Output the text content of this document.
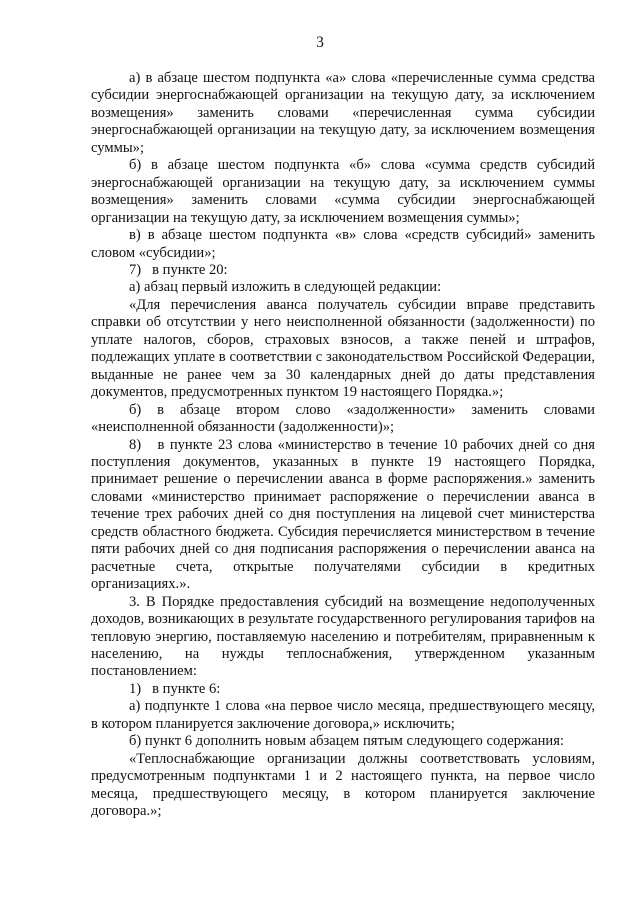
3

а) в абзаце шестом подпункта «а» слова «перечисленные сумма средства субсидии энергоснабжающей организации на текущую дату, за исключением возмещения» заменить словами «перечисленная сумма субсидии энергоснабжающей организации на текущую дату, за исключением возмещения суммы»;

б) в абзаце шестом подпункта «б» слова «сумма средств субсидий энергоснабжающей организации на текущую дату, за исключением суммы возмещения» заменить словами «сумма субсидии энергоснабжающей организации на текущую дату, за исключением возмещения суммы»;

в) в абзаце шестом подпункта «в» слова «средств субсидий» заменить словом «субсидии»;

7)   в пункте 20:

а) абзац первый изложить в следующей редакции:

«Для перечисления аванса получатель субсидии вправе представить справки об отсутствии у него неисполненной обязанности (задолженности) по уплате налогов, сборов, страховых взносов, а также пеней и штрафов, подлежащих уплате в соответствии с законодательством Российской Федерации, выданные не ранее чем за 30 календарных дней до даты представления документов, предусмотренных пунктом 19 настоящего Порядка.»;

б) в абзаце втором слово «задолженности» заменить словами «неисполненной обязанности (задолженности)»;

8)   в пункте 23 слова «министерство в течение 10 рабочих дней со дня поступления документов, указанных в пункте 19 настоящего Порядка, принимает решение о перечислении аванса в форме распоряжения.» заменить словами «министерство принимает распоряжение о перечислении аванса в течение трех рабочих дней со дня поступления на лицевой счет министерства средств областного бюджета. Субсидия перечисляется министерством в течение пяти рабочих дней со дня подписания распоряжения о перечислении аванса на расчетные счета, открытые получателями субсидии в кредитных организациях.».

3. В Порядке предоставления субсидий на возмещение недополученных доходов, возникающих в результате государственного регулирования тарифов на тепловую энергию, поставляемую населению и потребителям, приравненным к населению, на нужды теплоснабжения, утвержденном указанным постановлением:

1)   в пункте 6:

а) подпункте 1 слова «на первое число месяца, предшествующего месяцу, в котором планируется заключение договора,» исключить;

б) пункт 6 дополнить новым абзацем пятым следующего содержания:

«Теплоснабжающие организации должны соответствовать условиям, предусмотренным подпунктами 1 и 2 настоящего пункта, на первое число месяца, предшествующего месяцу, в котором планируется заключение договора.»;
